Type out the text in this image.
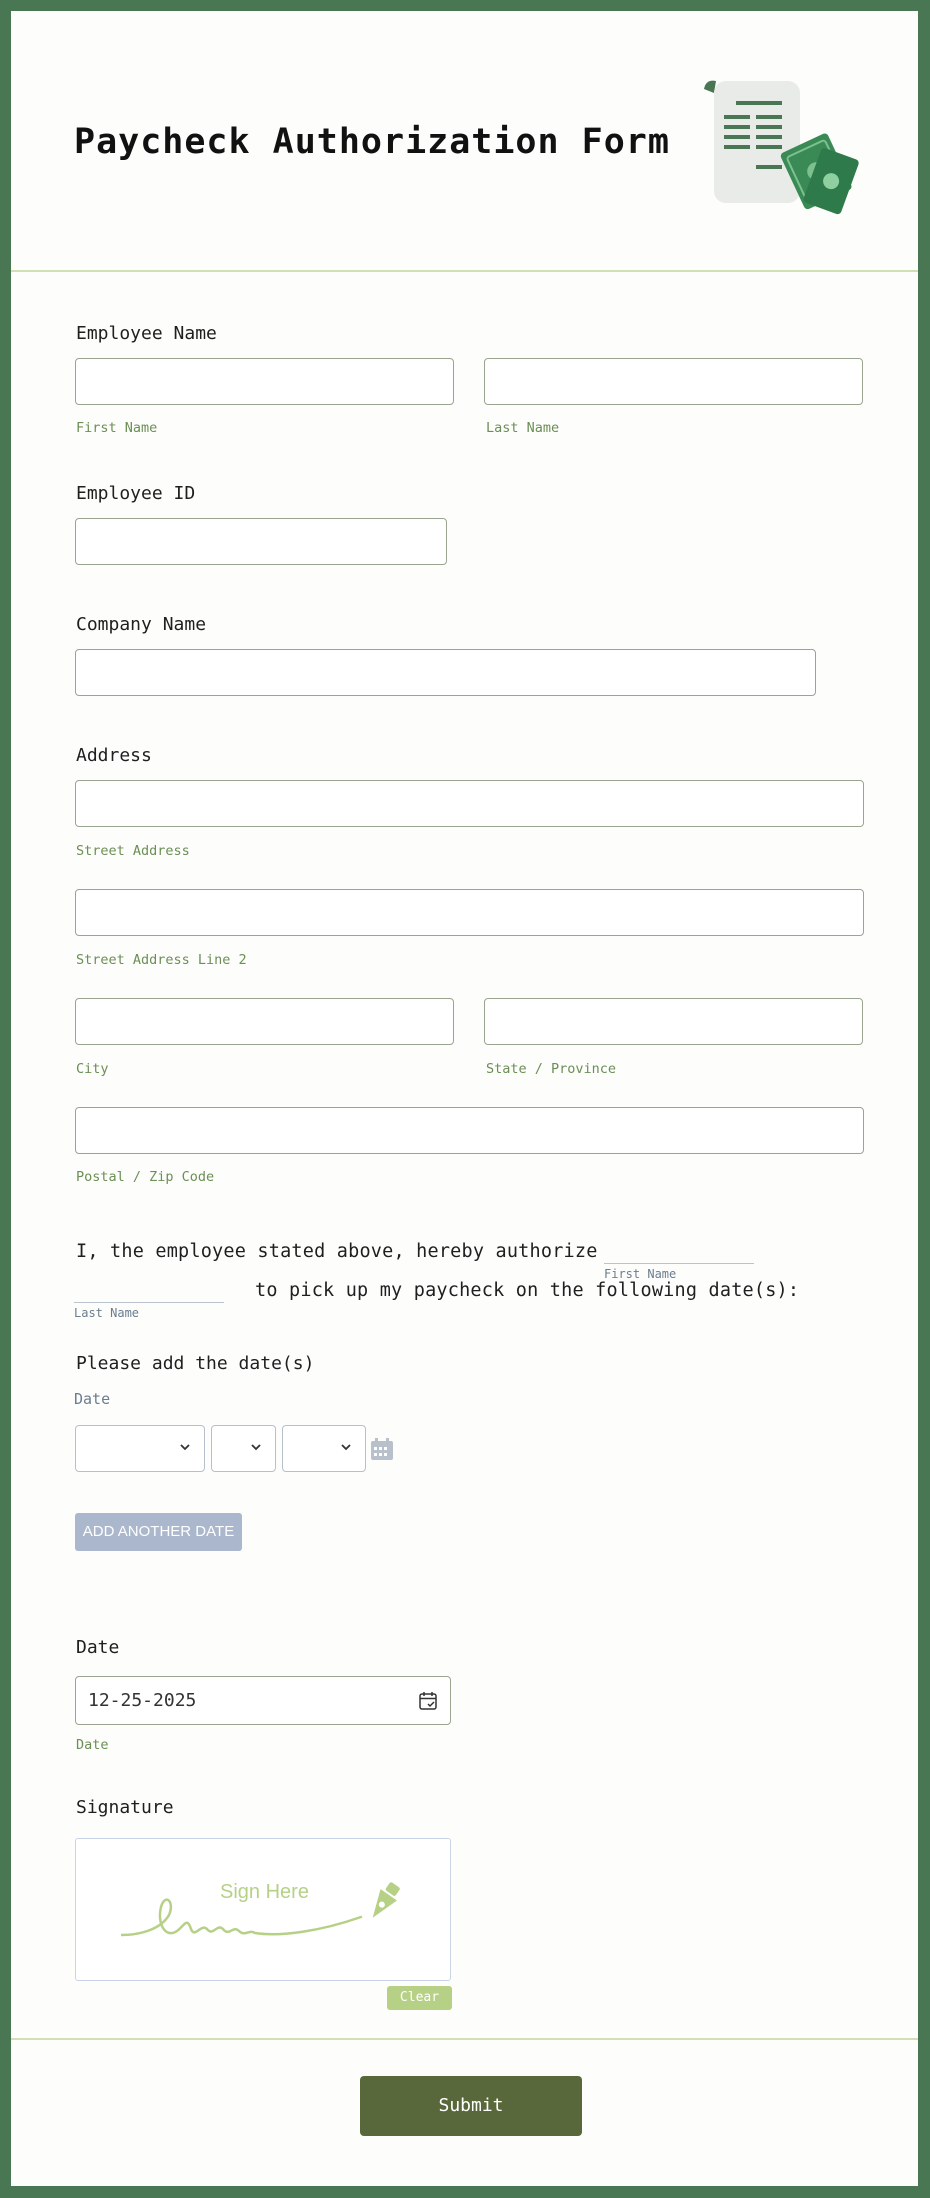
Paycheck Authorization Form
Employee Name
First Name	Last Name
Employee ID
Company Name
Address
Street Address
Street Address Line 2
City	State / Province
Postal / Zip Code
I, the employee stated above, hereby authorize
First Name
Last Name
to pick up my paycheck on the following date(s):
Please add the date(s)
Date
ADD ANOTHER DATE
Date
12-25-2025
Date
Signature
Sign Here
Clear
Submit
